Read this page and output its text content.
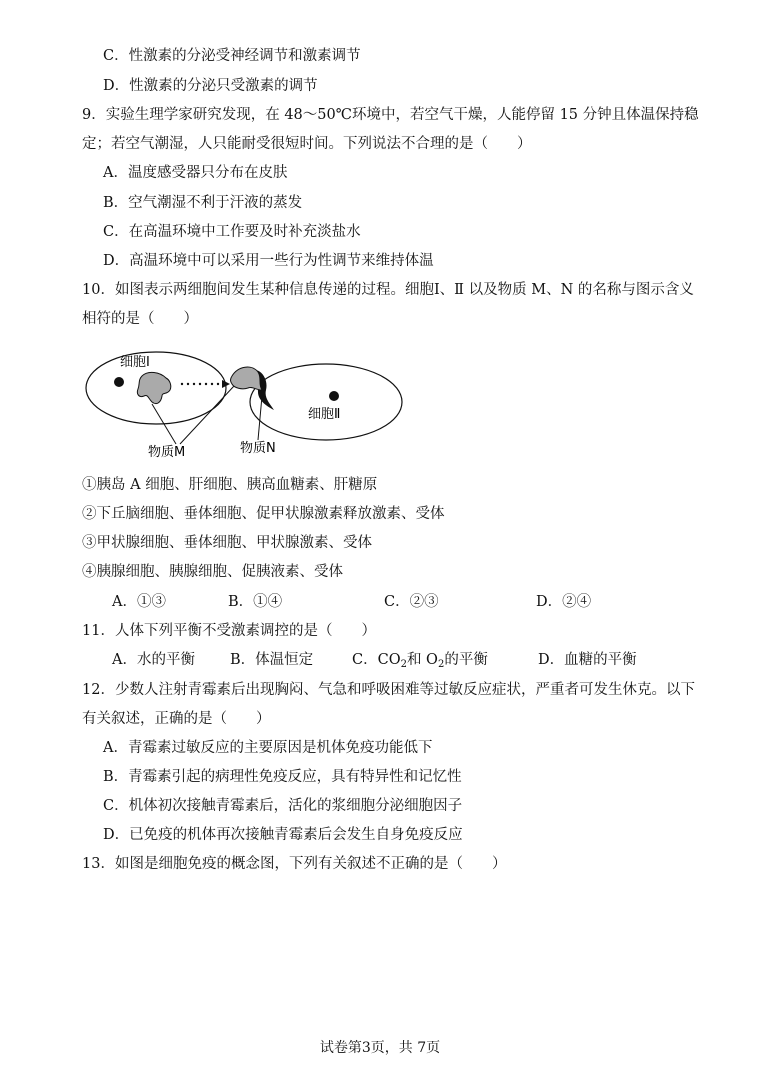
C．性激素的分泌受神经调节和激素调节
D．性激素的分泌只受激素的调节
9．实验生理学家研究发现，在 48～50℃环境中，若空气干燥，人能停留 15 分钟且体温保持稳
定；若空气潮湿，人只能耐受很短时间。下列说法不合理的是（　　）
A．温度感受器只分布在皮肤
B．空气潮湿不利于汗液的蒸发
C．在高温环境中工作要及时补充淡盐水
D．高温环境中可以采用一些行为性调节来维持体温
10．如图表示两细胞间发生某种信息传递的过程。细胞Ⅰ、Ⅱ 以及物质 M、N 的名称与图示含义
相符的是（　　）
细胞Ⅰ
细胞Ⅱ
物质M	物质N
①胰岛 A 细胞、肝细胞、胰高血糖素、肝糖原
②下丘脑细胞、垂体细胞、促甲状腺激素释放激素、受体
③甲状腺细胞、垂体细胞、甲状腺激素、受体
④胰腺细胞、胰腺细胞、促胰液素、受体
A．①③	B．①④	C．②③	D．②④
11．人体下列平衡不受激素调控的是（　　）
A．水的平衡 B．体温恒定	C．$CO_2$和 $O_2$的平衡	D．血糖的平衡
12．少数人注射青霉素后出现胸闷、气急和呼吸困难等过敏反应症状，严重者可发生休克。以下
有关叙述，正确的是（　　）
A．青霉素过敏反应的主要原因是机体免疫功能低下
B．青霉素引起的病理性免疫反应，具有特异性和记忆性
C．机体初次接触青霉素后，活化的浆细胞分泌细胞因子
D．已免疫的机体再次接触青霉素后会发生自身免疫反应
13．如图是细胞免疫的概念图，下列有关叙述不正确的是（　　）
试卷第3页，共 7页
